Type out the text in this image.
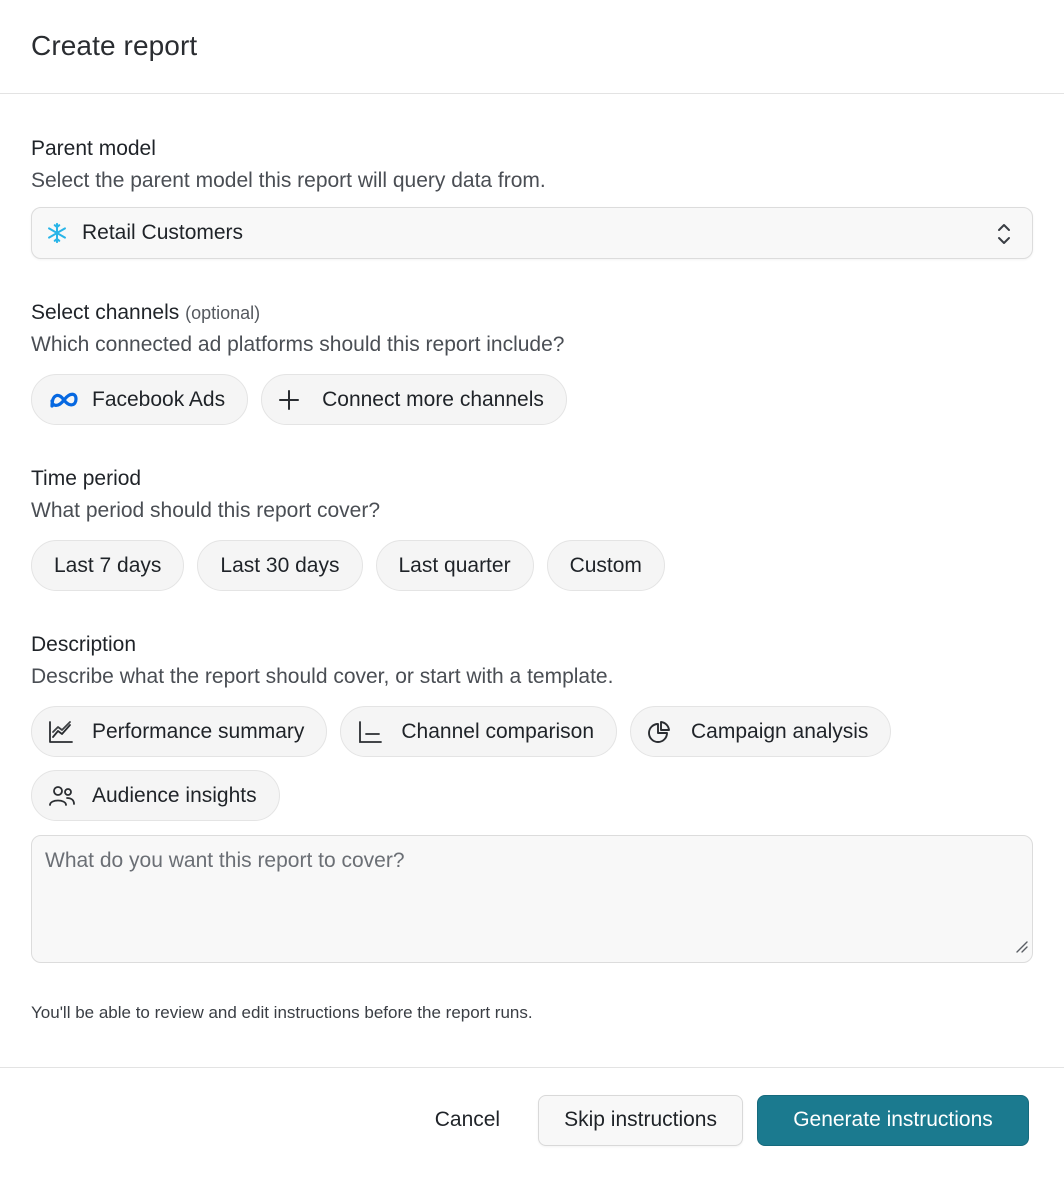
Create report
Parent model
Select the parent model this report will query data from.
Retail Customers
Select channels (optional)
Which connected ad platforms should this report include?
Facebook Ads	Connect more channels
Time period
What period should this report cover?
Last 7 days	Last 30 days	Last quarter	Custom
Description
Describe what the report should cover, or start with a template.
Performance summary	Channel comparison	Campaign analysis
Audience insights
What do you want this report to cover?
You'll be able to review and edit instructions before the report runs.
Cancel	Skip instructions	Generate instructions
